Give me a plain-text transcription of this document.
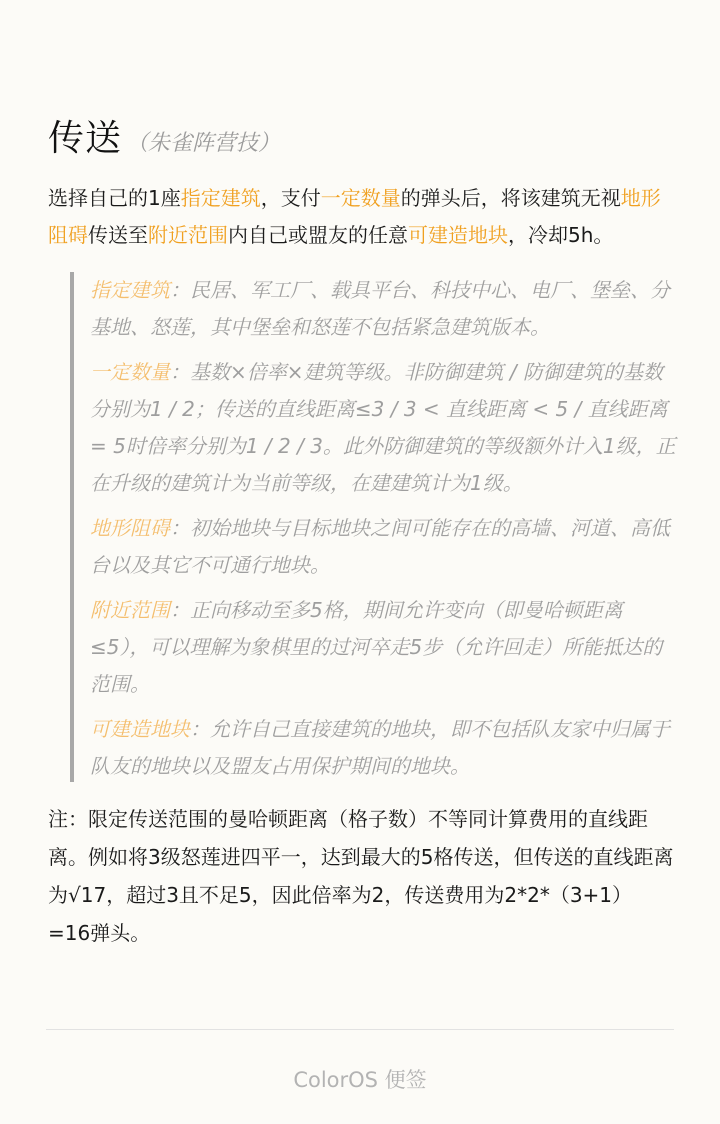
传送 （朱雀阵营技）
选择自己的1座指定建筑，支付一定数量的弹头后，将该建筑无视地形阻碍传送至附近范围内自己或盟友的任意可建造地块，冷却5h。
指定建筑：民居、军工厂、载具平台、科技中心、电厂、堡垒、分基地、怒莲，其中堡垒和怒莲不包括紧急建筑版本。
一定数量：基数×倍率×建筑等级。非防御建筑 / 防御建筑的基数分别为1 / 2；传送的直线距离≤3 / 3 < 直线距离 < 5 / 直线距离 = 5时倍率分别为1 / 2 / 3。此外防御建筑的等级额外计入1级，正在升级的建筑计为当前等级，在建建筑计为1级。
地形阻碍：初始地块与目标地块之间可能存在的高墙、河道、高低台以及其它不可通行地块。
附近范围：正向移动至多5格，期间允许变向（即曼哈顿距离≤5），可以理解为象棋里的过河卒走5步（允许回走）所能抵达的范围。
可建造地块：允许自己直接建筑的地块，即不包括队友家中归属于队友的地块以及盟友占用保护期间的地块。
注：限定传送范围的曼哈顿距离（格子数）不等同计算费用的直线距离。例如将3级怒莲进四平一，达到最大的5格传送，但传送的直线距离为√17，超过3且不足5，因此倍率为2，传送费用为2*2*（3+1）=16弹头。
ColorOS 便签
